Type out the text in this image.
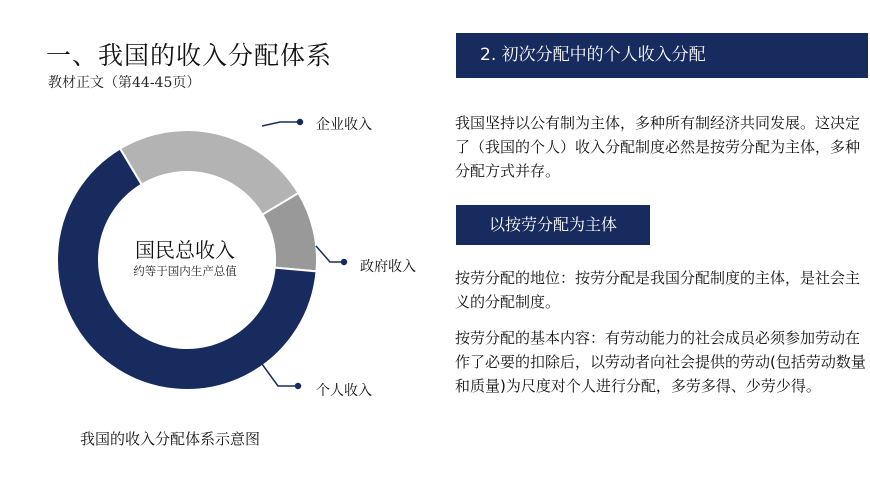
一、我国的收入分配体系
教材正文（第44-45页）
2. 初次分配中的个人收入分配
国民总收入
约等于国内生产总值
企业收入
政府收入
个人收入
我国的收入分配体系示意图
我国坚持以公有制为主体，多种所有制经济共同发展。这决定了（我国的个人）收入分配制度必然是按劳分配为主体，多种分配方式并存。
以按劳分配为主体
按劳分配的地位：按劳分配是我国分配制度的主体，是社会主义的分配制度。
按劳分配的基本内容：有劳动能力的社会成员必须参加劳动在作了必要的扣除后，以劳动者向社会提供的劳动(包括劳动数量和质量)为尺度对个人进行分配，多劳多得、少劳少得。
